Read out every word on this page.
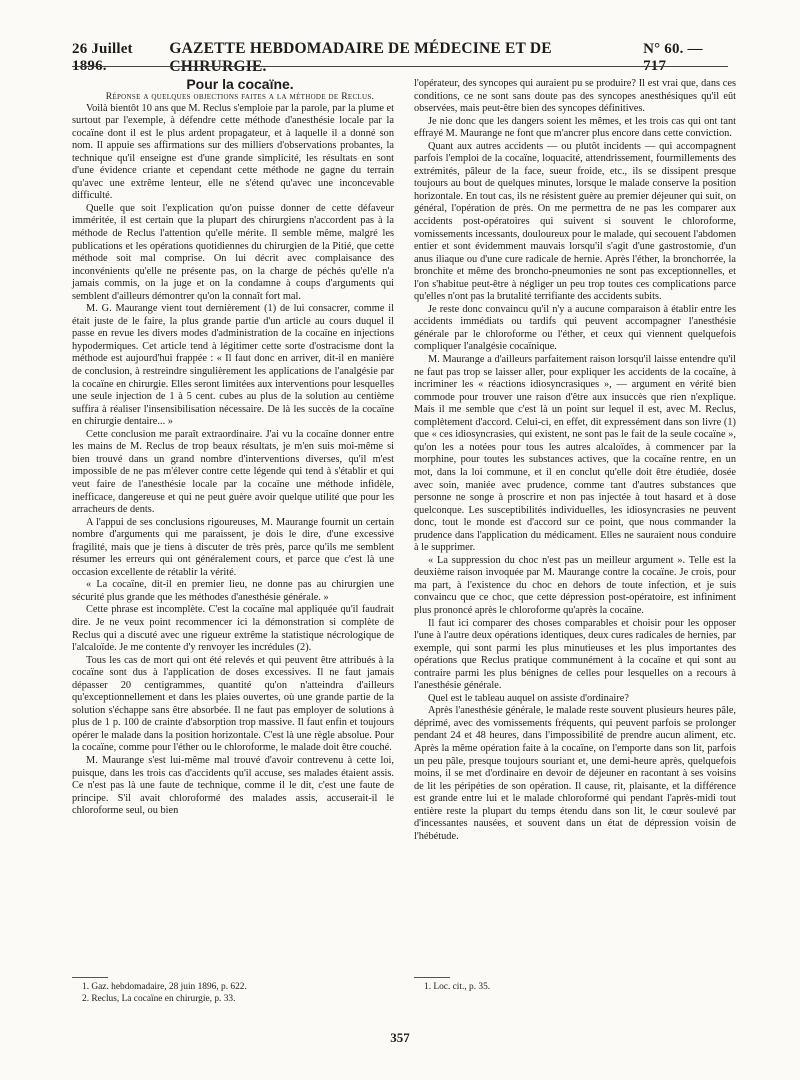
26 Juillet 1896.
GAZETTE HEBDOMADAIRE DE MÉDECINE ET DE CHIRURGIE.
N° 60. — 717

Pour la cocaïne.

Réponse a quelques objections faites a la méthode de Reclus.

Voilà bientôt 10 ans que M. Reclus s'emploie par la parole, par la plume et surtout par l'exemple, à défendre cette méthode d'anesthésie locale par la cocaïne dont il est le plus ardent propagateur, et à laquelle il a donné son nom. Il appuie ses affirmations sur des milliers d'observations probantes, la technique qu'il enseigne est d'une grande simplicité, les résultats en sont d'une évidence criante et cependant cette méthode ne gagne du terrain qu'avec une extrême lenteur, elle ne s'étend qu'avec une inconcevable difficulté.

Quelle que soit l'explication qu'on puisse donner de cette défaveur imméritée, il est certain que la plupart des chirurgiens n'accordent pas à la méthode de Reclus l'attention qu'elle mérite. Il semble même, malgré les publications et les opérations quotidiennes du chirurgien de la Pitié, que cette méthode soit mal comprise. On lui décrit avec complaisance des inconvénients qu'elle ne présente pas, on la charge de péchés qu'elle n'a jamais commis, on la juge et on la condamne à coups d'arguments qui semblent d'ailleurs démontrer qu'on la connaît fort mal.

M. G. Maurange vient tout dernièrement (1) de lui consacrer, comme il était juste de le faire, la plus grande partie d'un article au cours duquel il passe en revue les divers modes d'administration de la cocaïne en injections hypodermiques. Cet article tend à légitimer cette sorte d'ostracisme dont la méthode est aujourd'hui frappée : « Il faut donc en arriver, dit-il en manière de conclusion, à restreindre singulièrement les applications de l'analgésie par la cocaïne en chirurgie. Elles seront limitées aux interventions pour lesquelles une seule injection de 1 à 5 cent. cubes au plus de la solution au centième suffira à réaliser l'insensibilisation nécessaire. De là les succès de la cocaïne en chirurgie dentaire... »

Cette conclusion me paraît extraordinaire. J'ai vu la cocaïne donner entre les mains de M. Reclus de trop beaux résultats, je m'en suis moi-même si bien trouvé dans un grand nombre d'interventions diverses, qu'il m'est impossible de ne pas m'élever contre cette légende qui tend à s'établir et qui veut faire de l'anesthésie locale par la cocaïne une méthode infidèle, inefficace, dangereuse et qui ne peut guère avoir quelque utilité que pour les arracheurs de dents.

A l'appui de ses conclusions rigoureuses, M. Maurange fournit un certain nombre d'arguments qui me paraissent, je dois le dire, d'une excessive fragilité, mais que je tiens à discuter de très près, parce qu'ils me semblent résumer les erreurs qui ont généralement cours, et parce que c'est là une occasion excellente de rétablir la vérité.

« La cocaïne, dit-il en premier lieu, ne donne pas au chirurgien une sécurité plus grande que les méthodes d'anesthésie générale. »

Cette phrase est incomplète. C'est la cocaïne mal appliquée qu'il faudrait dire. Je ne veux point recommencer ici la démonstration si complète de Reclus qui a discuté avec une rigueur extrême la statistique nécrologique de l'alcaloïde. Je me contente d'y renvoyer les incrédules (2).

Tous les cas de mort qui ont été relevés et qui peuvent être attribués à la cocaïne sont dus à l'application de doses excessives. Il ne faut jamais dépasser 20 centigrammes, quantité qu'on n'atteindra d'ailleurs qu'exceptionnellement et dans les plaies ouvertes, où une grande partie de la solution s'échappe sans être absorbée. Il ne faut pas employer de solutions à plus de 1 p. 100 de crainte d'absorption trop massive. Il faut enfin et toujours opérer le malade dans la position horizontale. C'est là une règle absolue. Pour la cocaïne, comme pour l'éther ou le chloroforme, le malade doit être couché.

M. Maurange s'est lui-même mal trouvé d'avoir contrevenu à cette loi, puisque, dans les trois cas d'accidents qu'il accuse, ses malades étaient assis. Ce n'est pas là une faute de technique, comme il le dit, c'est une faute de principe. S'il avait chloroformé des malades assis, accuserait-il le chloroforme seul, ou bien

l'opérateur, des syncopes qui auraient pu se produire? Il est vrai que, dans ces conditions, ce ne sont sans doute pas des syncopes anesthésiques qu'il eût observées, mais peut-être bien des syncopes définitives.

Je nie donc que les dangers soient les mêmes, et les trois cas qui ont tant effrayé M. Maurange ne font que m'ancrer plus encore dans cette conviction.

Quant aux autres accidents — ou plutôt incidents — qui accompagnent parfois l'emploi de la cocaïne, loquacité, attendrissement, fourmillements des extrémités, pâleur de la face, sueur froide, etc., ils se dissipent presque toujours au bout de quelques minutes, lorsque le malade conserve la position horizontale. En tout cas, ils ne résistent guère au premier déjeuner qui suit, on général, l'opération de près. On me permettra de ne pas les comparer aux accidents post-opératoires qui suivent si souvent le chloroforme, vomissements incessants, douloureux pour le malade, qui secouent l'abdomen entier et sont évidemment mauvais lorsqu'il s'agit d'une gastrostomie, d'un anus iliaque ou d'une cure radicale de hernie. Après l'éther, la bronchorrée, la bronchite et même des broncho-pneumonies ne sont pas exceptionnelles, et l'on s'habitue peut-être à négliger un peu trop toutes ces complications parce qu'elles n'ont pas la brutalité terrifiante des accidents subits.

Je reste donc convaincu qu'il n'y a aucune comparaison à établir entre les accidents immédiats ou tardifs qui peuvent accompagner l'anesthésie générale par le chloroforme ou l'éther, et ceux qui viennent quelquefois compliquer l'analgésie cocaïnique.

M. Maurange a d'ailleurs parfaitement raison lorsqu'il laisse entendre qu'il ne faut pas trop se laisser aller, pour expliquer les accidents de la cocaïne, à incriminer les « réactions idiosyncrasiques », — argument en vérité bien commode pour trouver une raison d'être aux insuccès que rien n'explique. Mais il me semble que c'est là un point sur lequel il est, avec M. Reclus, complètement d'accord. Celui-ci, en effet, dit expressément dans son livre (1) que « ces idiosyncrasies, qui existent, ne sont pas le fait de la seule cocaïne », qu'on les a notées pour tous les autres alcaloïdes, à commencer par la morphine, pour toutes les substances actives, que la cocaïne rentre, en un mot, dans la loi commune, et il en conclut qu'elle doit être étudiée, dosée avec soin, maniée avec prudence, comme tant d'autres substances que personne ne songe à proscrire et non pas injectée à tout hasard et à dose quelconque. Les susceptibilités individuelles, les idiosyncrasies ne peuvent donc, tout le monde est d'accord sur ce point, que nous commander la prudence dans l'application du médicament. Elles ne sauraient nous conduire à le supprimer.

« La suppression du choc n'est pas un meilleur argument ». Telle est la deuxième raison invoquée par M. Maurange contre la cocaïne. Je crois, pour ma part, à l'existence du choc en dehors de toute infection, et je suis convaincu que ce choc, que cette dépression post-opératoire, est infiniment plus prononcé après le chloroforme qu'après la cocaïne.

Il faut ici comparer des choses comparables et choisir pour les opposer l'une à l'autre deux opérations identiques, deux cures radicales de hernies, par exemple, qui sont parmi les plus minutieuses et les plus importantes des opérations que Reclus pratique communément à la cocaïne et qui sont au contraire parmi les plus bénignes de celles pour lesquelles on a recours à l'anesthésie générale.

Quel est le tableau auquel on assiste d'ordinaire?

Après l'anesthésie générale, le malade reste souvent plusieurs heures pâle, déprimé, avec des vomissements fréquents, qui peuvent parfois se prolonger pendant 24 et 48 heures, dans l'impossibilité de prendre aucun aliment, etc. Après la même opération faite à la cocaïne, on l'emporte dans son lit, parfois un peu pâle, presque toujours souriant et, une demi-heure après, quelquefois moins, il se met d'ordinaire en devoir de déjeuner en racontant à ses voisins de lit les péripéties de son opération. Il cause, rit, plaisante, et la différence est grande entre lui et le malade chloroformé qui pendant l'après-midi tout entière reste la plupart du temps étendu dans son lit, le cœur soulevé par d'incessantes nausées, et souvent dans un état de dépression voisin de l'hébétude.

1. Gaz. hebdomadaire, 28 juin 1896, p. 622.
2. Reclus, La cocaïne en chirurgie, p. 33.
1. Loc. cit., p. 35.
357
